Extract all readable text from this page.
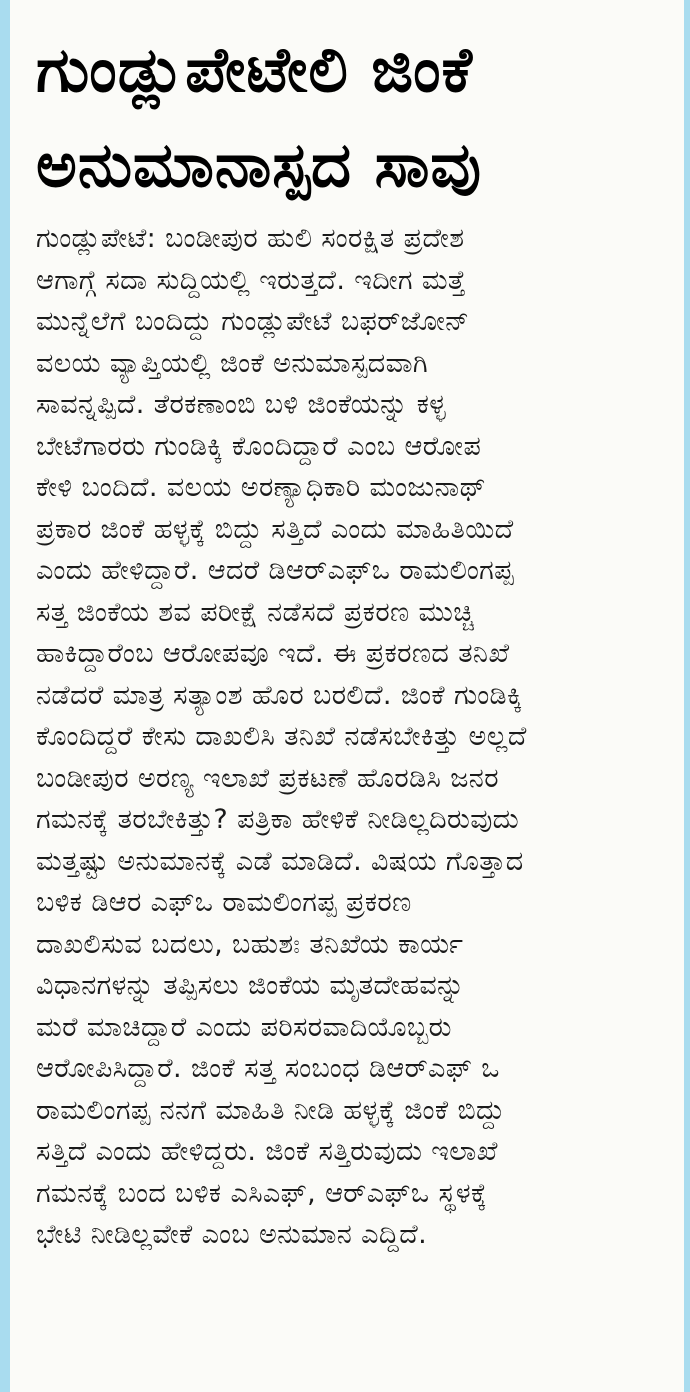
ಗುಂಡ್ಲುಪೇಟೇಲಿ ಜಿಂಕೆ
ಅನುಮಾನಾಸ್ಪದ ಸಾವು
ಗುಂಡ್ಲುಪೇಟೆ: ಬಂಡೀಪುರ ಹುಲಿ ಸಂರಕ್ಷಿತ ಪ್ರದೇಶ
ಆಗಾಗ್ಗೆ ಸದಾ ಸುದ್ದಿಯಲ್ಲಿ ಇರುತ್ತದೆ. ಇದೀಗ ಮತ್ತೆ
ಮುನ್ನೆಲೆಗೆ ಬಂದಿದ್ದು ಗುಂಡ್ಲುಪೇಟೆ ಬಫರ್‌ಜೋನ್
ವಲಯ ವ್ಯಾಪ್ತಿಯಲ್ಲಿ ಜಿಂಕೆ ಅನುಮಾಸ್ಪದವಾಗಿ
ಸಾವನ್ನಪ್ಪಿದೆ. ತೆರಕಣಾಂಬಿ ಬಳಿ ಜಿಂಕೆಯನ್ನು ಕಳ್ಳ
ಬೇಟೆಗಾರರು ಗುಂಡಿಕ್ಕಿ ಕೊಂದಿದ್ದಾರೆ ಎಂಬ ಆರೋಪ
ಕೇಳಿ ಬಂದಿದೆ. ವಲಯ ಅರಣ್ಯಾಧಿಕಾರಿ ಮಂಜುನಾಥ್
ಪ್ರಕಾರ ಜಿಂಕೆ ಹಳ್ಳಕ್ಕೆ ಬಿದ್ದು ಸತ್ತಿದೆ ಎಂದು ಮಾಹಿತಿಯಿದೆ
ಎಂದು ಹೇಳಿದ್ದಾರೆ. ಆದರೆ ಡಿಆರ್‌ಎಫ್‌ಒ ರಾಮಲಿಂಗಪ್ಪ
ಸತ್ತ ಜಿಂಕೆಯ ಶವ ಪರೀಕ್ಷೆ ನಡೆಸದೆ ಪ್ರಕರಣ ಮುಚ್ಚಿ
ಹಾಕಿದ್ದಾರೆಂಬ ಆರೋಪವೂ ಇದೆ. ಈ ಪ್ರಕರಣದ ತನಿಖೆ
ನಡೆದರೆ ಮಾತ್ರ ಸತ್ಯಾಂಶ ಹೊರ ಬರಲಿದೆ. ಜಿಂಕೆ ಗುಂಡಿಕ್ಕಿ
ಕೊಂದಿದ್ದರೆ ಕೇಸು ದಾಖಲಿಸಿ ತನಿಖೆ ನಡೆಸಬೇಕಿತ್ತು ಅಲ್ಲದೆ
ಬಂಡೀಪುರ ಅರಣ್ಯ ಇಲಾಖೆ ಪ್ರಕಟಣೆ ಹೊರಡಿಸಿ ಜನರ
ಗಮನಕ್ಕೆ ತರಬೇಕಿತ್ತು? ಪತ್ರಿಕಾ ಹೇಳಿಕೆ ನೀಡಿಲ್ಲದಿರುವುದು
ಮತ್ತಷ್ಟು ಅನುಮಾನಕ್ಕೆ ಎಡೆ ಮಾಡಿದೆ. ವಿಷಯ ಗೊತ್ತಾದ
ಬಳಿಕ ಡಿಆರ ಎಫ್‌ಒ ರಾಮಲಿಂಗಪ್ಪ ಪ್ರಕರಣ
ದಾಖಲಿಸುವ ಬದಲು, ಬಹುಶಃ ತನಿಖೆಯ ಕಾರ್ಯ
ವಿಧಾನಗಳನ್ನು ತಪ್ಪಿಸಲು ಜಿಂಕೆಯ ಮೃತದೇಹವನ್ನು
ಮರೆ ಮಾಚಿದ್ದಾರೆ ಎಂದು ಪರಿಸರವಾದಿಯೊಬ್ಬರು
ಆರೋಪಿಸಿದ್ದಾರೆ. ಜಿಂಕೆ ಸತ್ತ ಸಂಬಂಧ ಡಿಆರ್‌ಎಫ್ ಒ
ರಾಮಲಿಂಗಪ್ಪ ನನಗೆ ಮಾಹಿತಿ ನೀಡಿ ಹಳ್ಳಕ್ಕೆ ಜಿಂಕೆ ಬಿದ್ದು
ಸತ್ತಿದೆ ಎಂದು ಹೇಳಿದ್ದರು. ಜಿಂಕೆ ಸತ್ತಿರುವುದು ಇಲಾಖೆ
ಗಮನಕ್ಕೆ ಬಂದ ಬಳಿಕ ಎಸಿಎಫ್, ಆರ್‌ಎಫ್‌ಒ ಸ್ಥಳಕ್ಕೆ
ಭೇಟಿ ನೀಡಿಲ್ಲವೇಕೆ ಎಂಬ ಅನುಮಾನ ಎದ್ದಿದೆ.
